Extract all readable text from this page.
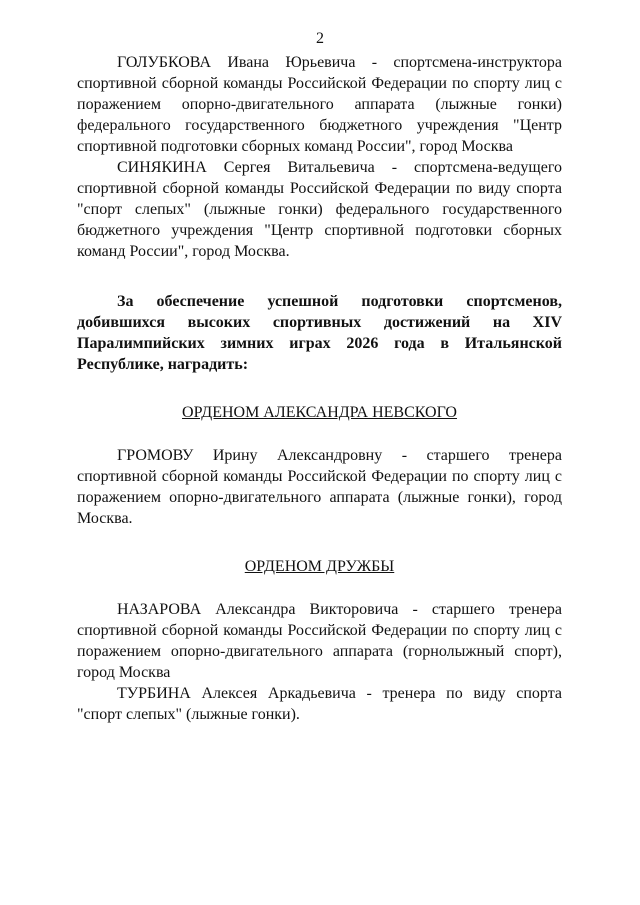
2

ГОЛУБКОВА Ивана Юрьевича - спортсмена-инструктора спортивной сборной команды Российской Федерации по спорту лиц с поражением опорно-двигательного аппарата (лыжные гонки) федерального государственного бюджетного учреждения "Центр спортивной подготовки сборных команд России", город Москва

СИНЯКИНА Сергея Витальевича - спортсмена-ведущего спортивной сборной команды Российской Федерации по виду спорта "спорт слепых" (лыжные гонки) федерального государственного бюджетного учреждения "Центр спортивной подготовки сборных команд России", город Москва.

За обеспечение успешной подготовки спортсменов, добившихся высоких спортивных достижений на XIV Паралимпийских зимних играх 2026 года в Итальянской Республике, наградить:

ОРДЕНОМ АЛЕКСАНДРА НЕВСКОГО

ГРОМОВУ Ирину Александровну - старшего тренера спортивной сборной команды Российской Федерации по спорту лиц с поражением опорно-двигательного аппарата (лыжные гонки), город Москва.

ОРДЕНОМ ДРУЖБЫ

НАЗАРОВА Александра Викторовича - старшего тренера спортивной сборной команды Российской Федерации по спорту лиц с поражением опорно-двигательного аппарата (горнолыжный спорт), город Москва

ТУРБИНА Алексея Аркадьевича - тренера по виду спорта "спорт слепых" (лыжные гонки).
